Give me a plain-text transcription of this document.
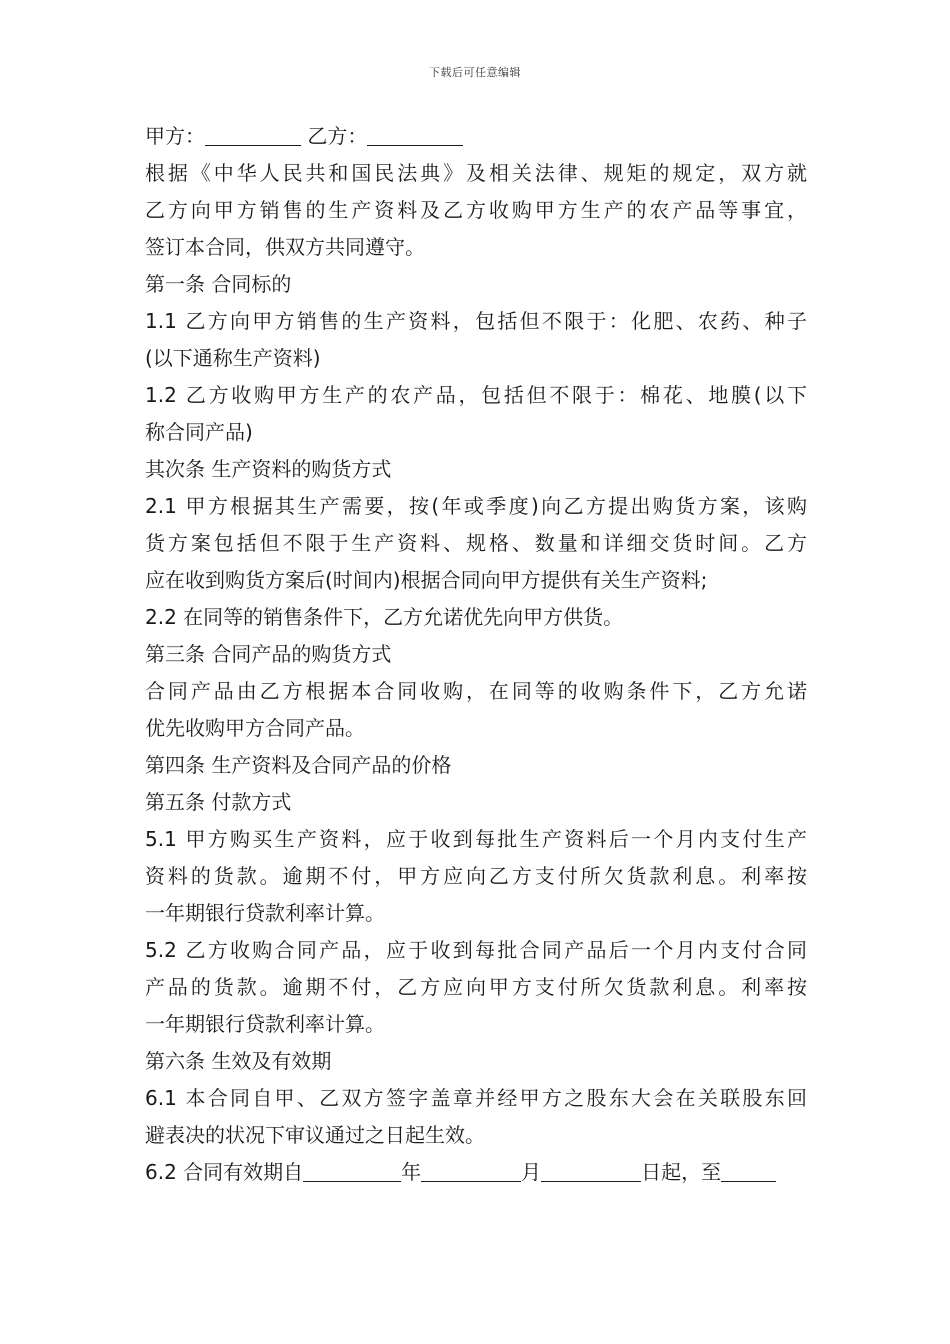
下载后可任意编辑
甲方：	乙方：
根据《中华人民共和国民法典》及相关法律、规矩的规定，双方就
乙方向甲方销售的生产资料及乙方收购甲方生产的农产品等事宜，
签订本合同，供双方共同遵守。
第一条 合同标的
1.1 乙方向甲方销售的生产资料，包括但不限于：化肥、农药、种子
(以下通称生产资料)
1.2 乙方收购甲方生产的农产品，包括但不限于：棉花、地膜(以下
称合同产品)
其次条 生产资料的购货方式
2.1 甲方根据其生产需要，按(年或季度)向乙方提出购货方案，该购
货方案包括但不限于生产资料、规格、数量和详细交货时间。乙方
应在收到购货方案后(时间内)根据合同向甲方提供有关生产资料;
2.2 在同等的销售条件下，乙方允诺优先向甲方供货。
第三条 合同产品的购货方式
合同产品由乙方根据本合同收购，在同等的收购条件下，乙方允诺
优先收购甲方合同产品。
第四条 生产资料及合同产品的价格
第五条 付款方式
5.1 甲方购买生产资料，应于收到每批生产资料后一个月内支付生产
资料的货款。逾期不付，甲方应向乙方支付所欠货款利息。利率按
一年期银行贷款利率计算。
5.2 乙方收购合同产品，应于收到每批合同产品后一个月内支付合同
产品的货款。逾期不付，乙方应向甲方支付所欠货款利息。利率按
一年期银行贷款利率计算。
第六条 生效及有效期
6.1 本合同自甲、乙双方签字盖章并经甲方之股东大会在关联股东回
避表决的状况下审议通过之日起生效。
6.2 合同有效期自	年	月	日起，至
